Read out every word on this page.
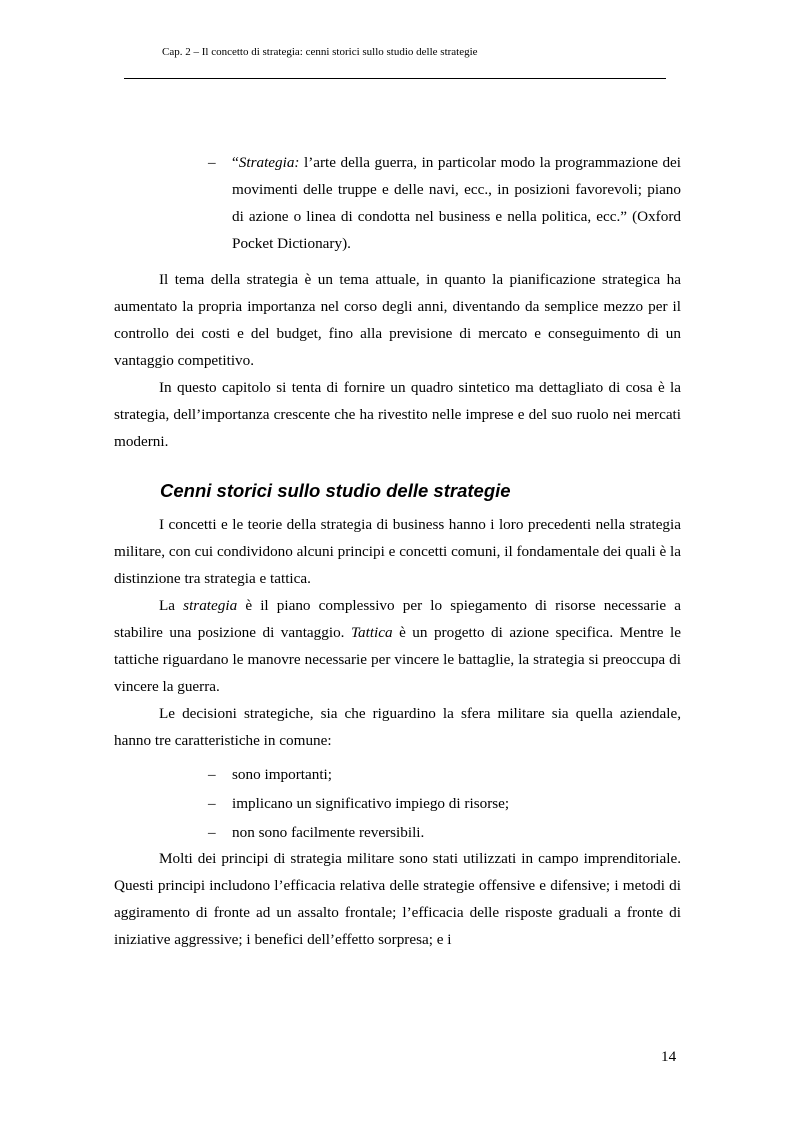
Cap. 2 – Il concetto di strategia: cenni storici sullo studio delle strategie
– “Strategia: l’arte della guerra, in particolar modo la programmazione dei movimenti delle truppe e delle navi, ecc., in posizioni favorevoli; piano di azione o linea di condotta nel business e nella politica, ecc.” (Oxford Pocket Dictionary).

Il tema della strategia è un tema attuale, in quanto la pianificazione strategica ha aumentato la propria importanza nel corso degli anni, diventando da semplice mezzo per il controllo dei costi e del budget, fino alla previsione di mercato e conseguimento di un vantaggio competitivo.

In questo capitolo si tenta di fornire un quadro sintetico ma dettagliato di cosa è la strategia, dell’importanza crescente che ha rivestito nelle imprese e del suo ruolo nei mercati moderni.

Cenni storici sullo studio delle strategie

I concetti e le teorie della strategia di business hanno i loro precedenti nella strategia militare, con cui condividono alcuni principi e concetti comuni, il fondamentale dei quali è la distinzione tra strategia e tattica.

La strategia è il piano complessivo per lo spiegamento di risorse necessarie a stabilire una posizione di vantaggio. Tattica è un progetto di azione specifica. Mentre le tattiche riguardano le manovre necessarie per vincere le battaglie, la strategia si preoccupa di vincere la guerra.

Le decisioni strategiche, sia che riguardino la sfera militare sia quella aziendale, hanno tre caratteristiche in comune:

– sono importanti;
– implicano un significativo impiego di risorse;
– non sono facilmente reversibili.

Molti dei principi di strategia militare sono stati utilizzati in campo imprenditoriale. Questi principi includono l’efficacia relativa delle strategie offensive e difensive; i metodi di aggiramento di fronte ad un assalto frontale; l’efficacia delle risposte graduali a fronte di iniziative aggressive; i benefici dell’effetto sorpresa; e i

14
